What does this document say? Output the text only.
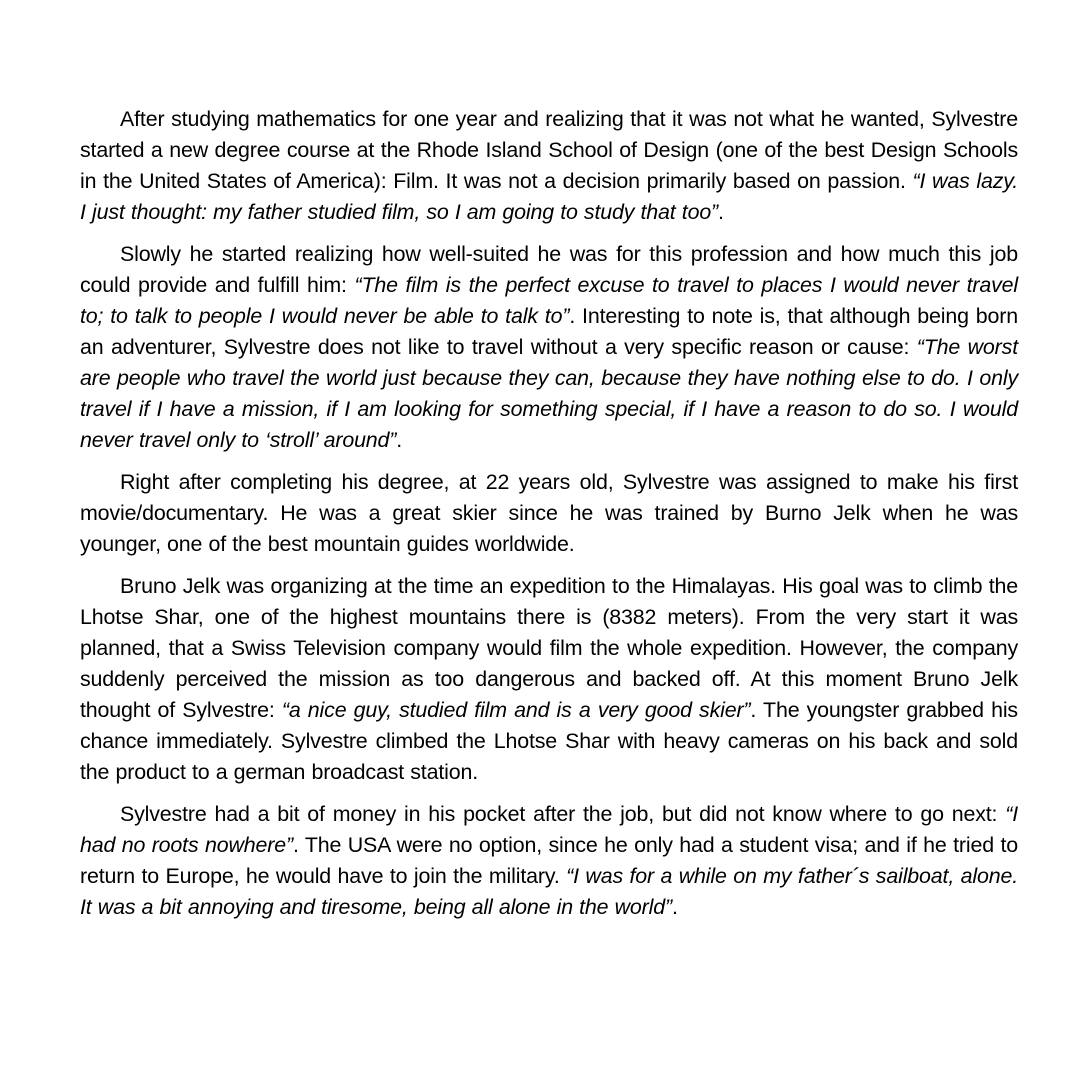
After studying mathematics for one year and realizing that it was not what he wanted, Sylvestre started a new degree course at the Rhode Island School of Design (one of the best Design Schools in the United States of America): Film. It was not a decision primarily based on passion. “I was lazy. I just thought: my father studied film, so I am going to study that too”.

Slowly he started realizing how well-suited he was for this profession and how much this job could provide and fulfill him: “The film is the perfect excuse to travel to places I would never travel to; to talk to people I would never be able to talk to”. Interesting to note is, that although being born an adventurer, Sylvestre does not like to travel without a very specific reason or cause: “The worst are people who travel the world just because they can, because they have nothing else to do. I only travel if I have a mission, if I am looking for something special, if I have a reason to do so. I would never travel only to ‘stroll’ around”.

Right after completing his degree, at 22 years old, Sylvestre was assigned to make his first movie/documentary. He was a great skier since he was trained by Burno Jelk when he was younger, one of the best mountain guides worldwide.

Bruno Jelk was organizing at the time an expedition to the Himalayas. His goal was to climb the Lhotse Shar, one of the highest mountains there is (8382 meters). From the very start it was planned, that a Swiss Television company would film the whole expedition. However, the company suddenly perceived the mission as too dangerous and backed off. At this moment Bruno Jelk thought of Sylvestre: “a nice guy, studied film and is a very good skier”. The youngster grabbed his chance immediately. Sylvestre climbed the Lhotse Shar with heavy cameras on his back and sold the product to a german broadcast station.

Sylvestre had a bit of money in his pocket after the job, but did not know where to go next: “I had no roots nowhere”. The USA were no option, since he only had a student visa; and if he tried to return to Europe, he would have to join the military. “I was for a while on my father´s sailboat, alone. It was a bit annoying and tiresome, being all alone in the world”.
